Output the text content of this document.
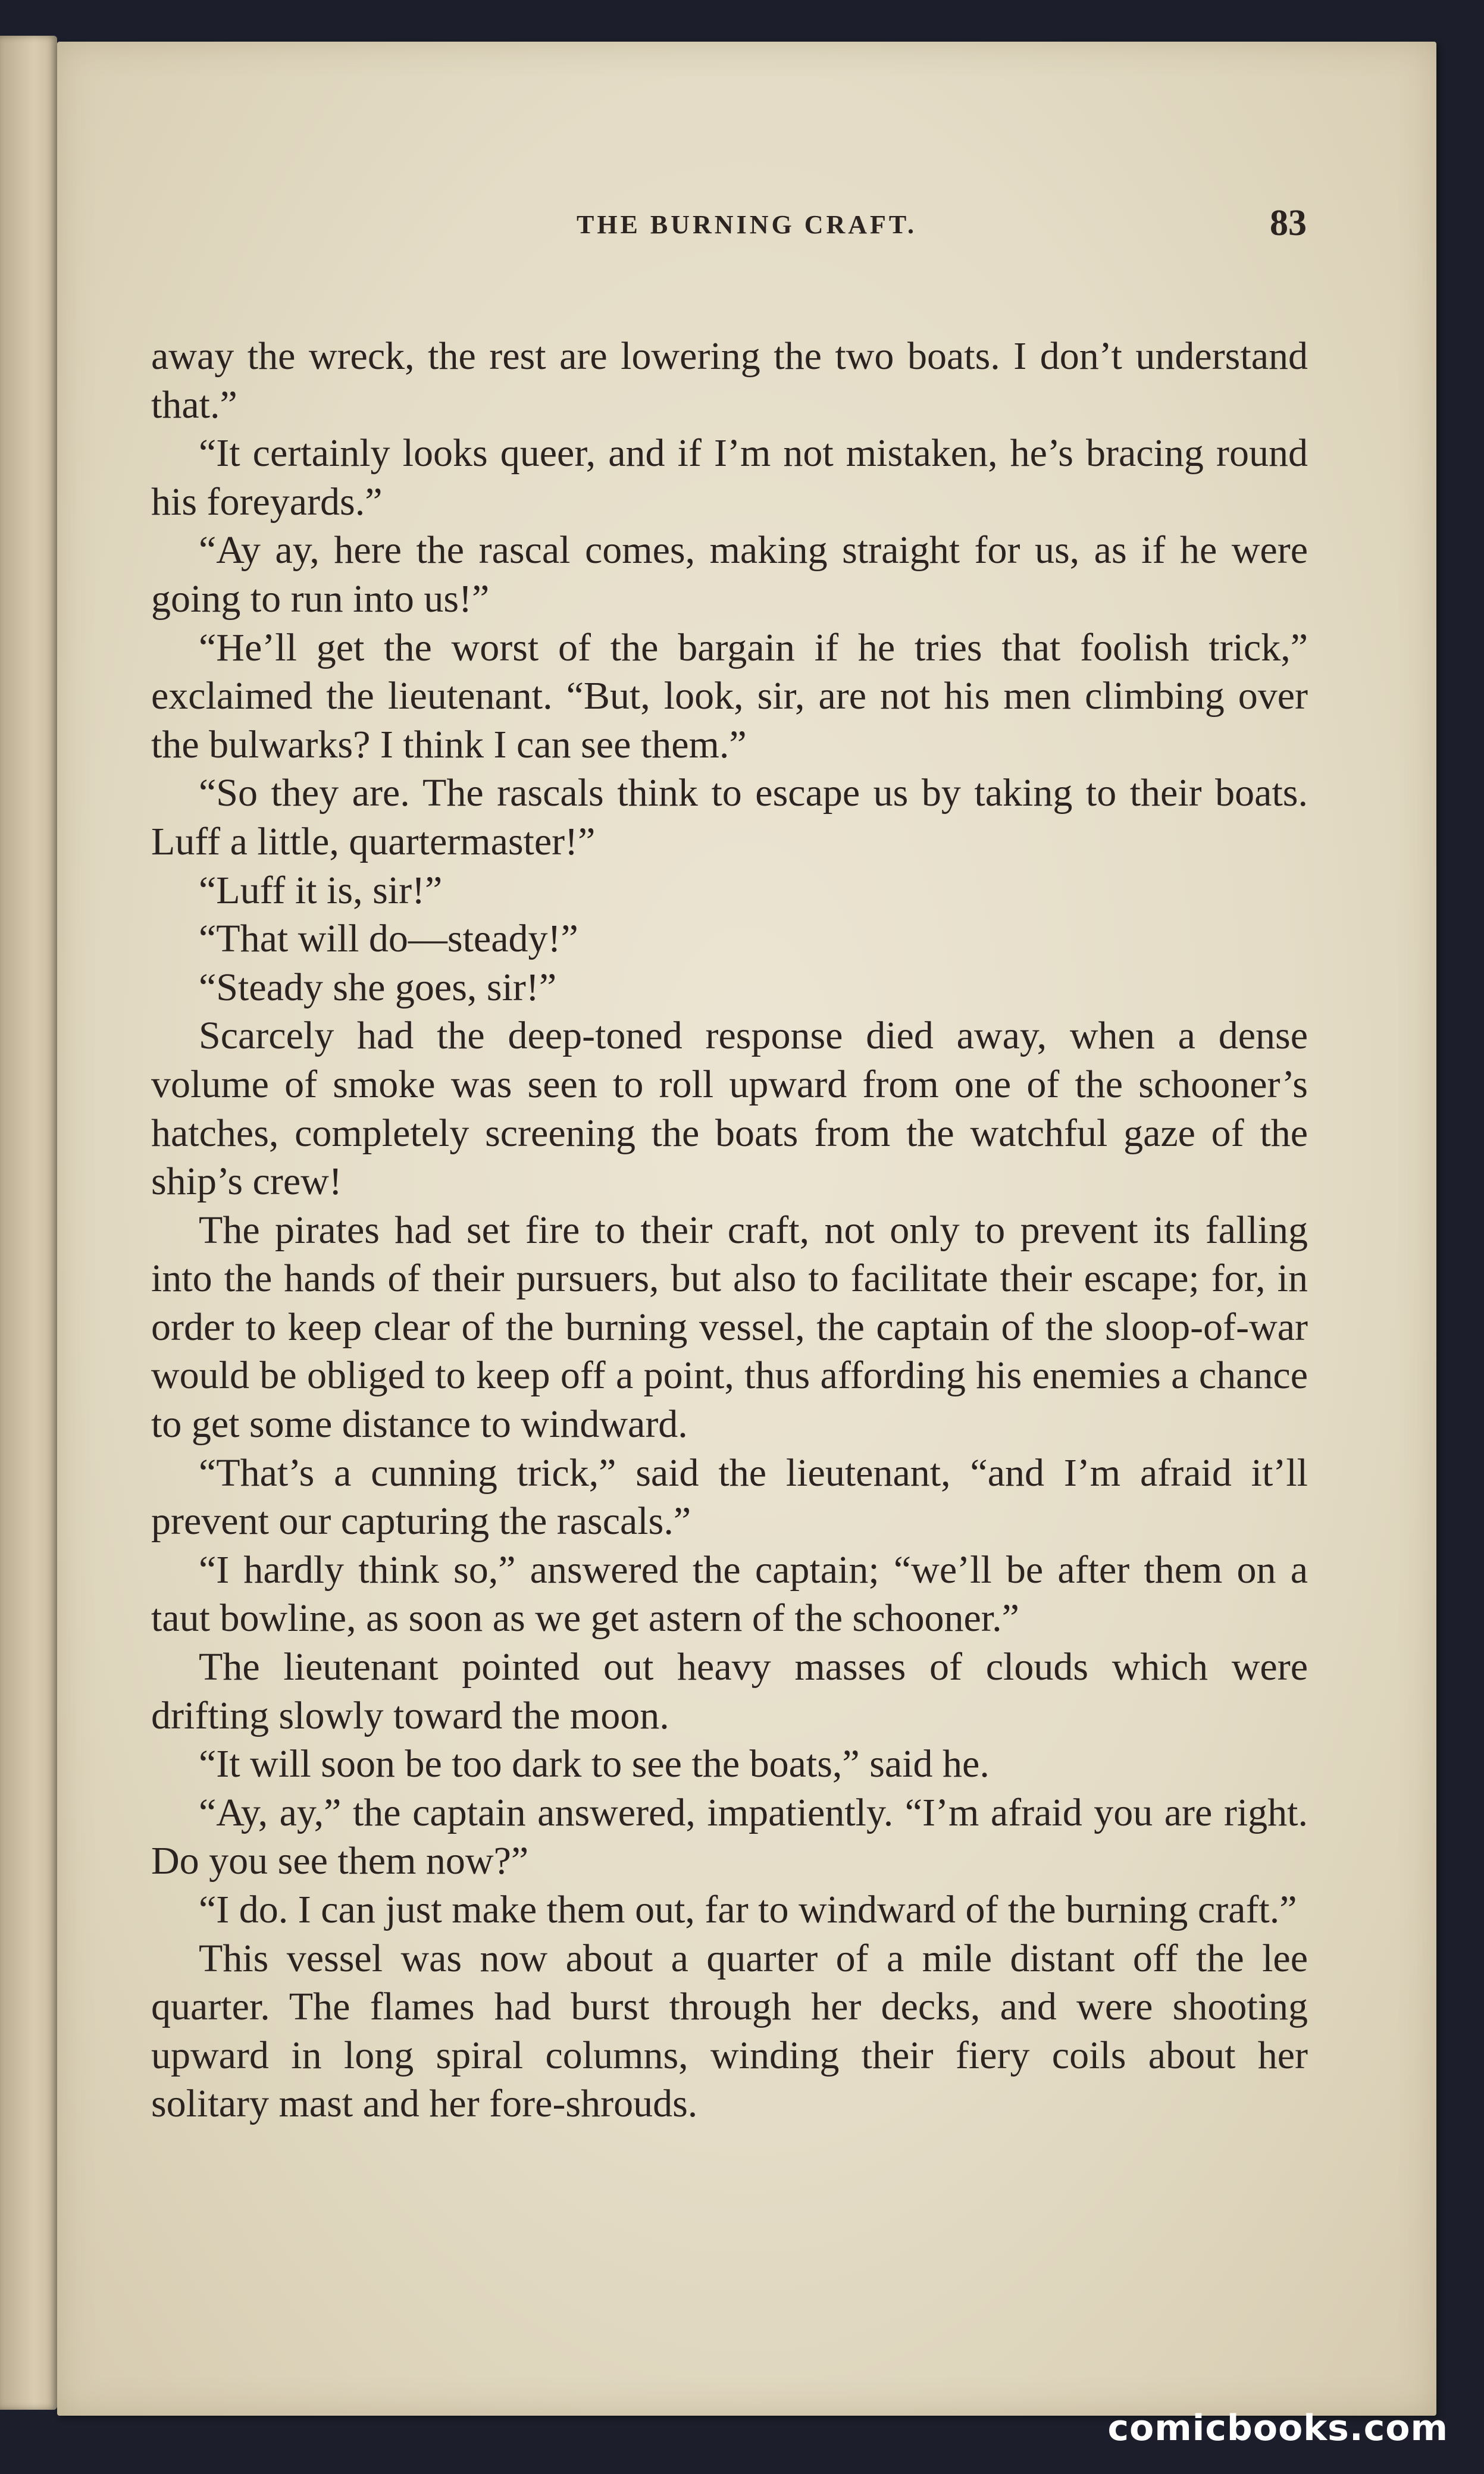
THE BURNING CRAFT.	83

away the wreck, the rest are lowering the two boats. I don’t understand that.”

“It certainly looks queer, and if I’m not mistaken, he’s bracing round his foreyards.”

“Ay ay, here the rascal comes, making straight for us, as if he were going to run into us!”

“He’ll get the worst of the bargain if he tries that foolish trick,” exclaimed the lieutenant. “But, look, sir, are not his men climbing over the bulwarks? I think I can see them.”

“So they are. The rascals think to escape us by taking to their boats. Luff a little, quartermaster!”

“Luff it is, sir!”

“That will do—steady!”

“Steady she goes, sir!”

Scarcely had the deep-toned response died away, when a dense volume of smoke was seen to roll upward from one of the schooner’s hatches, completely screening the boats from the watchful gaze of the ship’s crew!

The pirates had set fire to their craft, not only to prevent its falling into the hands of their pursuers, but also to facilitate their escape; for, in order to keep clear of the burning vessel, the captain of the sloop-of-war would be obliged to keep off a point, thus affording his enemies a chance to get some distance to windward.

“That’s a cunning trick,” said the lieutenant, “and I’m afraid it’ll prevent our capturing the rascals.”

“I hardly think so,” answered the captain; “we’ll be after them on a taut bowline, as soon as we get astern of the schooner.”

The lieutenant pointed out heavy masses of clouds which were drifting slowly toward the moon.

“It will soon be too dark to see the boats,” said he.

“Ay, ay,” the captain answered, impatiently. “I’m afraid you are right. Do you see them now?”

“I do. I can just make them out, far to windward of the burning craft.”

This vessel was now about a quarter of a mile distant off the lee quarter. The flames had burst through her decks, and were shooting upward in long spiral columns, winding their fiery coils about her solitary mast and her fore-shrouds.

comicbooks.com
